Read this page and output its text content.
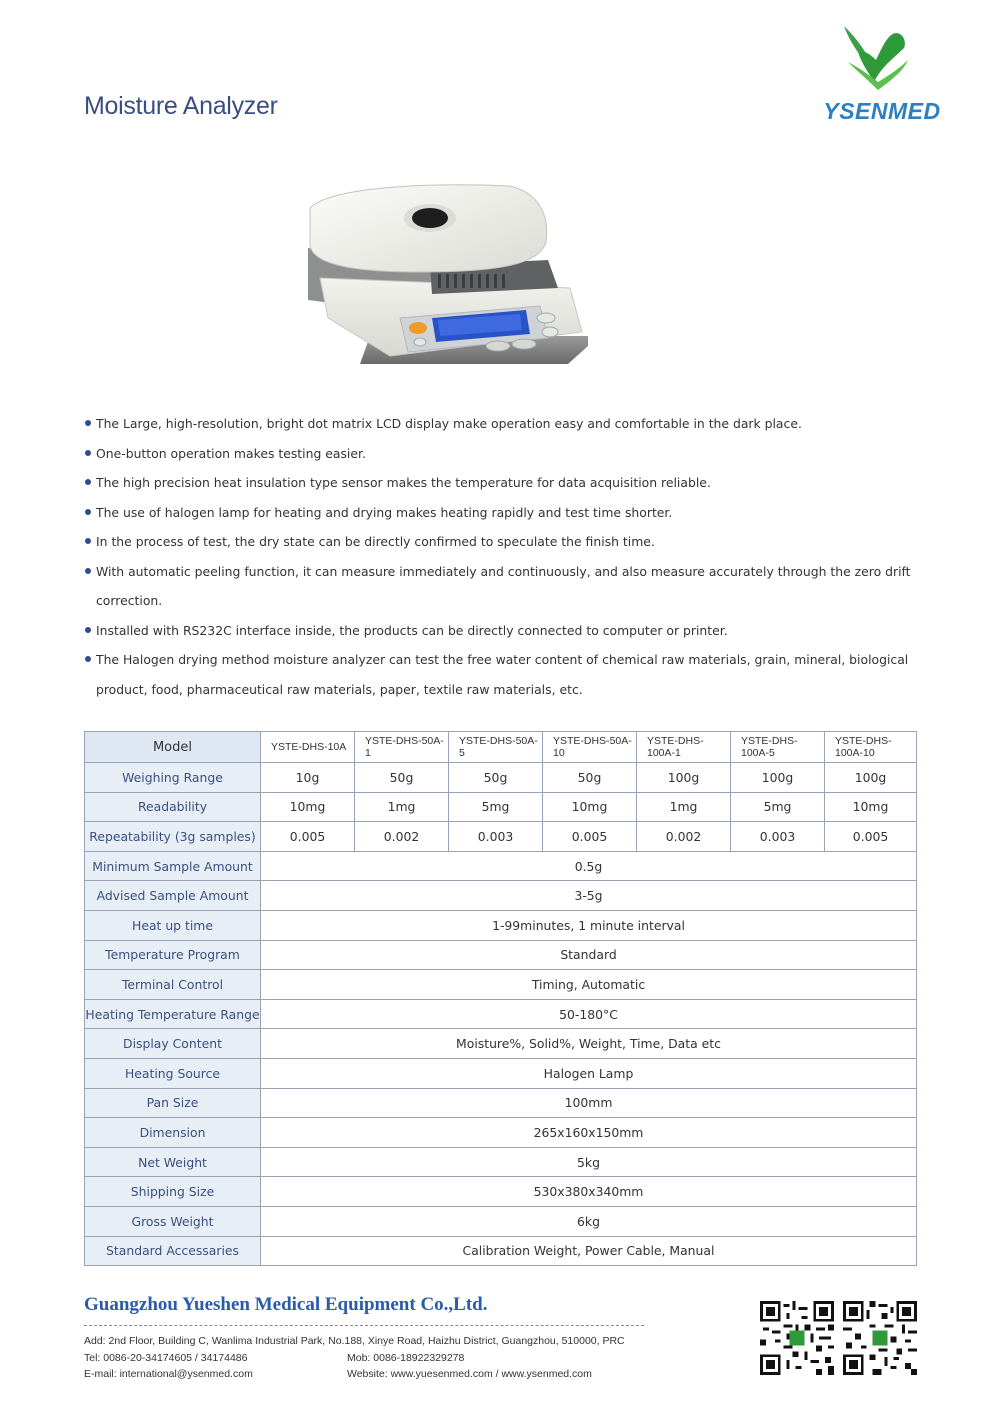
Moisture Analyzer	YSENMED
The Large, high-resolution, bright dot matrix LCD display make operation easy and comfortable in the dark place.
One-button operation makes testing easier.
The high precision heat insulation type sensor makes the temperature for data acquisition reliable.
The use of halogen lamp for heating and drying makes heating rapidly and test time shorter.
In the process of test, the dry state can be directly confirmed to speculate the finish time.
With automatic peeling function, it can measure immediately and continuously, and also measure accurately through the zero drift correction.
Installed with RS232C interface inside, the products can be directly connected to computer or printer.
The Halogen drying method moisture analyzer can test the free water content of chemical raw materials, grain, mineral, biological product, food, pharmaceutical raw materials, paper, textile raw materials, etc.
Model	YSTE-DHS-10A	YSTE-DHS-50A-1	YSTE-DHS-50A-5	YSTE-DHS-50A-10	YSTE-DHS-100A-1	YSTE-DHS-100A-5	YSTE-DHS-100A-10
Weighing Range	10g	50g	50g	50g	100g	100g	100g
Readability	10mg	1mg	5mg	10mg	1mg	5mg	10mg
Repeatability (3g samples)	0.005	0.002	0.003	0.005	0.002	0.003	0.005
Minimum Sample Amount	0.5g						
Advised Sample Amount	3-5g						
Heat up time	1-99minutes, 1 minute interval						
Temperature Program	Standard						
Terminal Control	Timing, Automatic						
Heating Temperature Range	50-180°C						
Display Content	Moisture%, Solid%, Weight, Time, Data etc						
Heating Source	Halogen Lamp						
Pan Size	100mm						
Dimension	265x160x150mm						
Net Weight	5kg						
Shipping Size	530x380x340mm						
Gross Weight	6kg						
Standard Accessaries	Calibration Weight, Power Cable, Manual						
Guangzhou Yueshen Medical Equipment Co.,Ltd.
Add: 2nd Floor, Building C, Wanlima Industrial Park, No.188, Xinye Road, Haizhu District, Guangzhou, 510000, PRC
Tel: 0086-20-34174605 / 34174486	Mob: 0086-18922329278
E-mail: international@ysenmed.com	Website: www.yuesenmed.com / www.ysenmed.com
